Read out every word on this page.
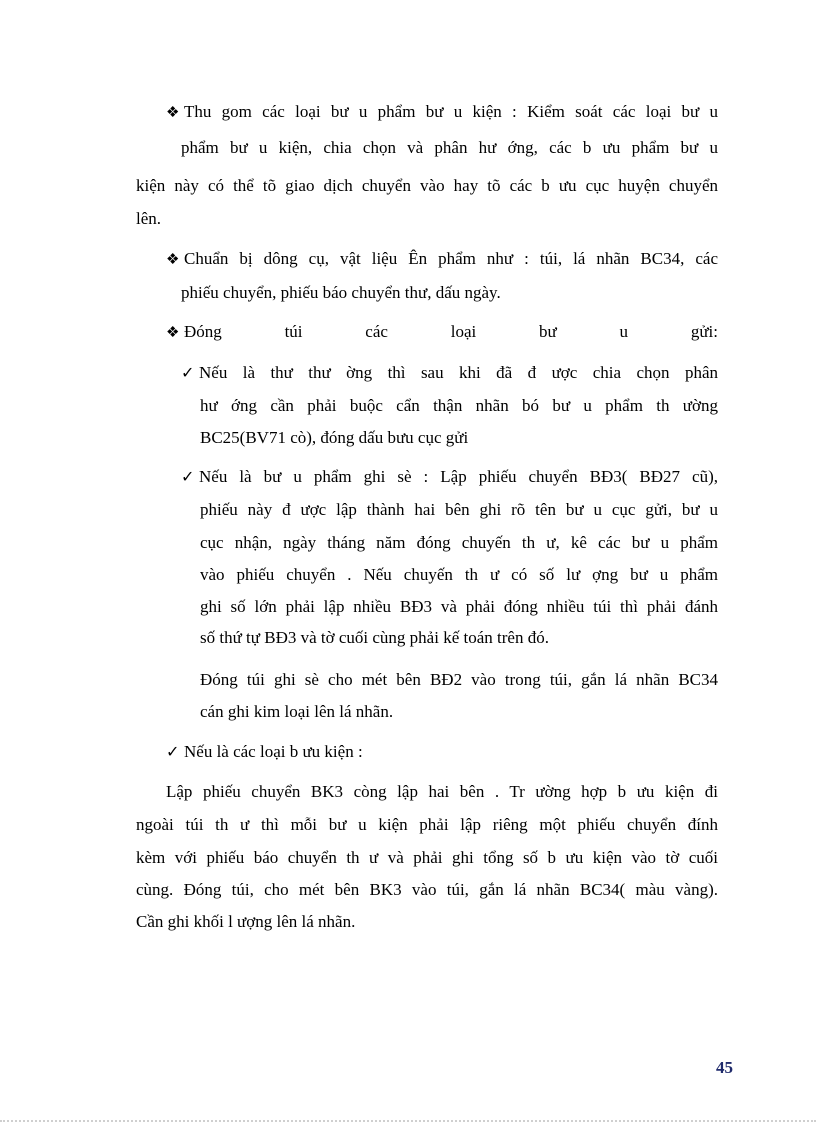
❖ Thu gom các loại bư u phẩm bư u kiện : Kiểm soát các loại bư u
phẩm bư u kiện, chia chọn và phân hư ớng, các b ưu phẩm bư u
kiện này có thể tõ giao dịch chuyển vào hay tõ các b ưu cục huyện chuyển
lên.
❖ Chuẩn bị dông cụ, vật liệu Ên phẩm như : túi, lá nhãn BC34, các
phiếu chuyển, phiếu báo chuyển thư, dấu ngày.
❖ Đóng túi các loại bư u gửi:
✓ Nếu là thư thư ờng thì sau khi đã đ ược chia chọn phân
hư ớng cần phải buộc cẩn thận nhãn bó bư u phẩm th ường
BC25(BV71 cò), đóng dấu bưu cục gửi
✓ Nếu là bư u phẩm ghi sè : Lập phiếu chuyển BĐ3( BĐ27 cũ),
phiếu này đ ược lập thành hai bên ghi rõ tên bư u cục gửi, bư u
cục nhận, ngày tháng năm đóng chuyến th ư, kê các bư u phẩm
vào phiếu chuyển . Nếu chuyến th ư có số lư ợng bư u phẩm
ghi số lớn phải lập nhiều BĐ3 và phải đóng nhiều túi thì phải đánh
số thứ tự BĐ3 và tờ cuối cùng phải kế toán trên đó.
Đóng túi ghi sè cho mét bên BĐ2 vào trong túi, gắn lá nhãn BC34
cán ghi kim loại lên lá nhãn.
✓ Nếu là các loại b ưu kiện :
Lập phiếu chuyển BK3 còng lập hai bên . Tr ường hợp b ưu kiện đi
ngoài túi th ư thì mỗi bư u kiện phải lập riêng một phiếu chuyển đính
kèm với phiếu báo chuyển th ư và phải ghi tổng số b ưu kiện vào tờ cuối
cùng. Đóng túi, cho mét bên BK3 vào túi, gắn lá nhãn BC34( màu vàng).
Cần ghi khối l ượng lên lá nhãn.
45
